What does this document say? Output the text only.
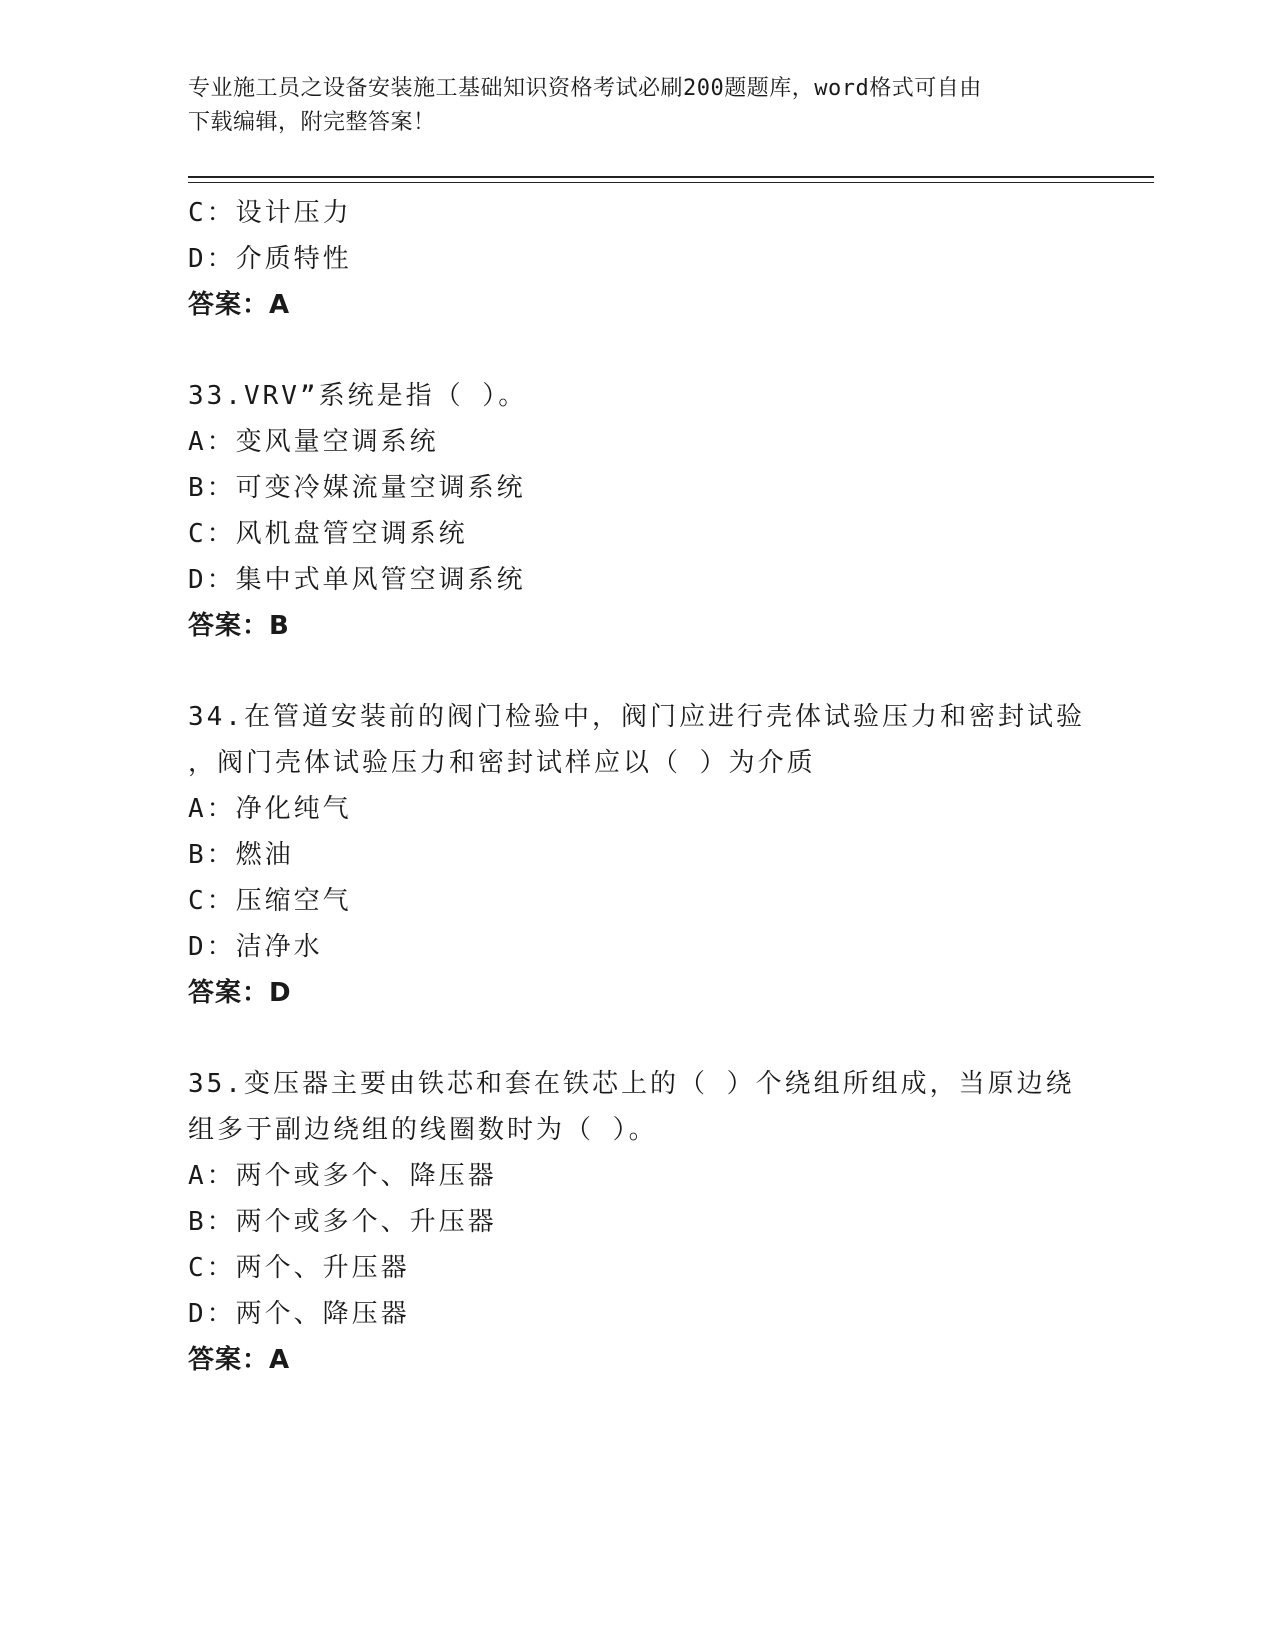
专业施工员之设备安装施工基础知识资格考试必刷200题题库，word格式可自由
下载编辑，附完整答案！
C：设计压力
D：介质特性
答案：A
33.VRV”系统是指（ ）。
A：变风量空调系统
B：可变冷媒流量空调系统
C：风机盘管空调系统
D：集中式单风管空调系统
答案：B
34.在管道安装前的阀门检验中，阀门应进行壳体试验压力和密封试验
，阀门壳体试验压力和密封试样应以（ ）为介质
A：净化纯气
B：燃油
C：压缩空气
D：洁净水
答案：D
35.变压器主要由铁芯和套在铁芯上的（ ）个绕组所组成，当原边绕
组多于副边绕组的线圈数时为（ ）。
A：两个或多个、降压器
B：两个或多个、升压器
C：两个、升压器
D：两个、降压器
答案：A
